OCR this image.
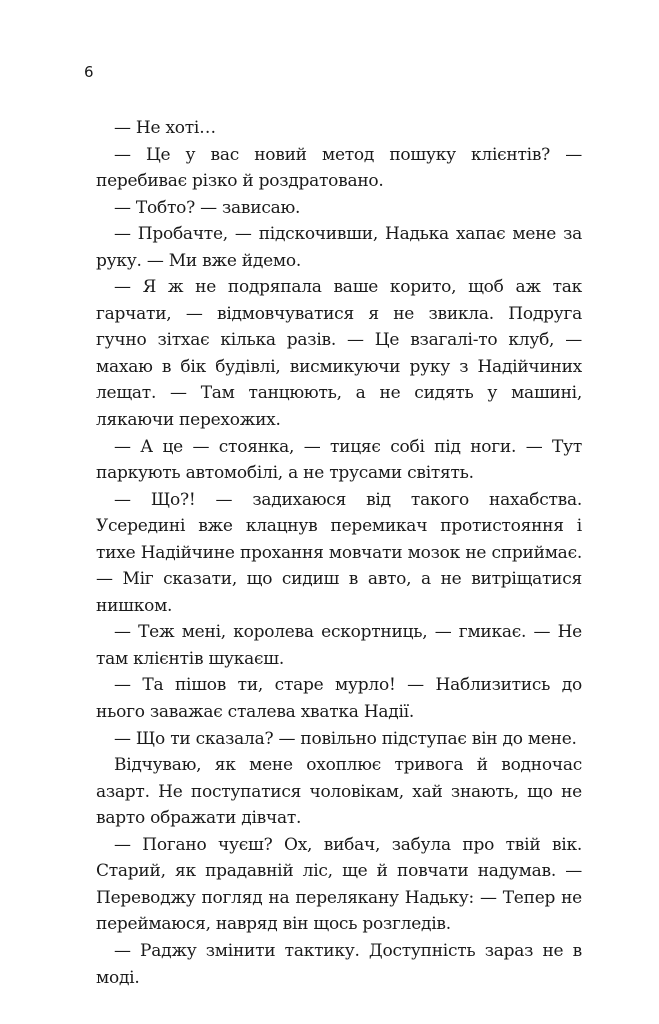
6

— Не хоті…

— Це у вас новий метод пошуку клієнтів? — перебиває різко й роздратовано.

— Тобто? — зависаю.

— Пробачте, — підскочивши, Надька хапає мене за руку. — Ми вже йдемо.

— Я ж не подряпала ваше корито, щоб аж так гарчати, — відмовчуватися я не звикла. Подруга гучно зітхає кілька разів. — Це взагалі-то клуб, — махаю в бік будівлі, висмикуючи руку з Надійчиних лещат. — Там танцюють, а не сидять у машині, лякаючи перехожих.

— А це — стоянка, — тицяє собі під ноги. — Тут паркують автомобілі, а не трусами світять.

— Що?! — задихаюся від такого нахабства. Усередині вже клацнув перемикач протистояння і тихе Надійчине прохання мовчати мозок не сприймає. — Міг сказати, що сидиш в авто, а не витріщатися нишком.

— Теж мені, королева ескортниць, — гмикає. — Не там клієнтів шукаєш.

— Та пішов ти, старе мурло! — Наблизитись до нього заважає сталева хватка Надії.

— Що ти сказала? — повільно підступає він до мене.

Відчуваю, як мене охоплює тривога й водночас азарт. Не поступатися чоловікам, хай знають, що не варто ображати дівчат.

— Погано чуєш? Ох, вибач, забула про твій вік. Старий, як прадавній ліс, ще й повчати надумав. — Переводжу погляд на перелякану Надьку: — Тепер не переймаюся, навряд він щось розгледів.

— Раджу змінити тактику. Доступність зараз не в моді.
